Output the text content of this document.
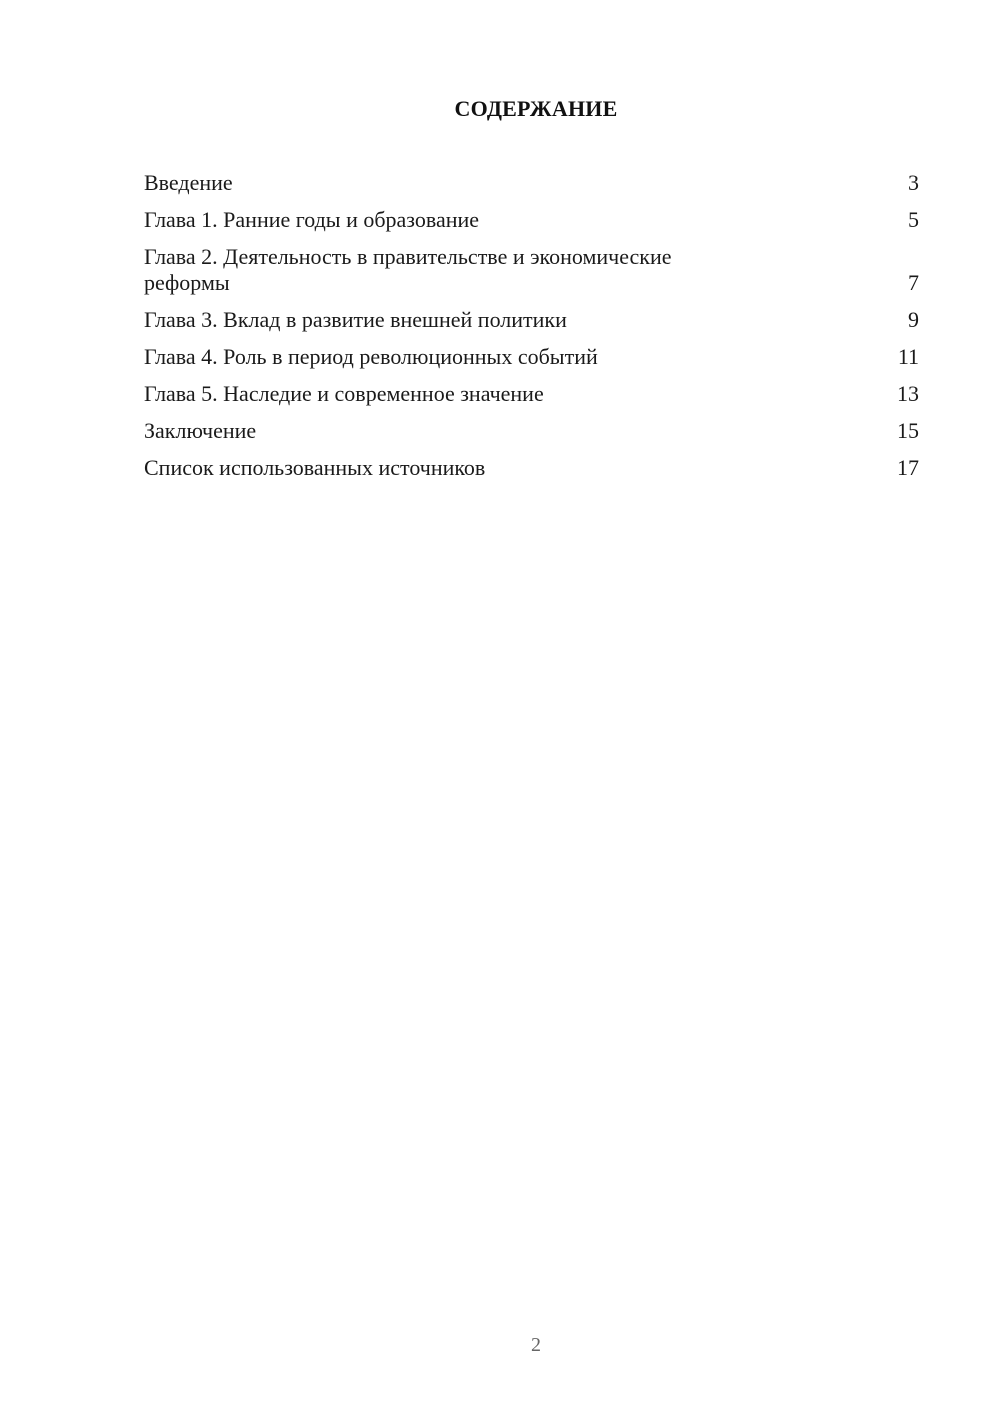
СОДЕРЖАНИЕ
Введение	3
Глава 1. Ранние годы и образование	5
Глава 2. Деятельность в правительстве и экономические реформы	7
Глава 3. Вклад в развитие внешней политики	9
Глава 4. Роль в период революционных событий	11
Глава 5. Наследие и современное значение	13
Заключение	15
Список использованных источников	17
2
